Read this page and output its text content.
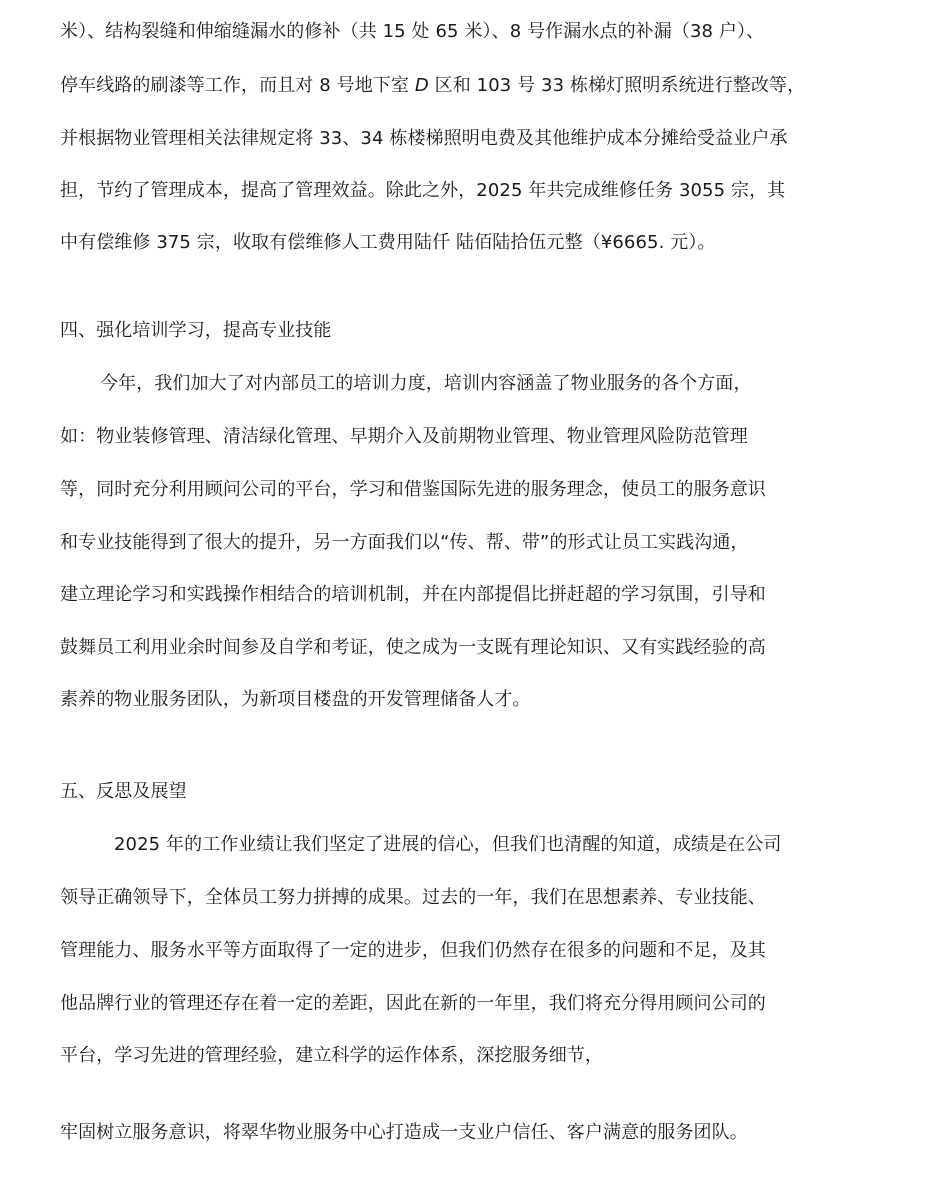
米）、结构裂缝和伸缩缝漏水的修补（共 15 处 65 米）、8 号作漏水点的补漏（38 户）、
停车线路的刷漆等工作，而且对 8 号地下室 D 区和 103 号 33 栋梯灯照明系统进行整改等，
并根据物业管理相关法律规定将 33、34 栋楼梯照明电费及其他维护成本分摊给受益业户承
担，节约了管理成本，提高了管理效益。除此之外，2025 年共完成维修任务 3055 宗，其
中有偿维修 375 宗，收取有偿维修人工费用陆仟 陆佰陆拾伍元整（¥6665. 元）。
四、强化培训学习，提高专业技能
今年，我们加大了对内部员工的培训力度，培训内容涵盖了物业服务的各个方面，
如：物业装修管理、清洁绿化管理、早期介入及前期物业管理、物业管理风险防范管理
等，同时充分利用顾问公司的平台，学习和借鉴国际先进的服务理念，使员工的服务意识
和专业技能得到了很大的提升，另一方面我们以“传、帮、带”的形式让员工实践沟通，
建立理论学习和实践操作相结合的培训机制，并在内部提倡比拼赶超的学习氛围，引导和
鼓舞员工利用业余时间参及自学和考证，使之成为一支既有理论知识、又有实践经验的高
素养的物业服务团队，为新项目楼盘的开发管理储备人才。
五、反思及展望
2025 年的工作业绩让我们坚定了进展的信心，但我们也清醒的知道，成绩是在公司
领导正确领导下，全体员工努力拼搏的成果。过去的一年，我们在思想素养、专业技能、
管理能力、服务水平等方面取得了一定的进步，但我们仍然存在很多的问题和不足，及其
他品牌行业的管理还存在着一定的差距，因此在新的一年里，我们将充分得用顾问公司的
平台，学习先进的管理经验，建立科学的运作体系，深挖服务细节，
牢固树立服务意识，将翠华物业服务中心打造成一支业户信任、客户满意的服务团队。
